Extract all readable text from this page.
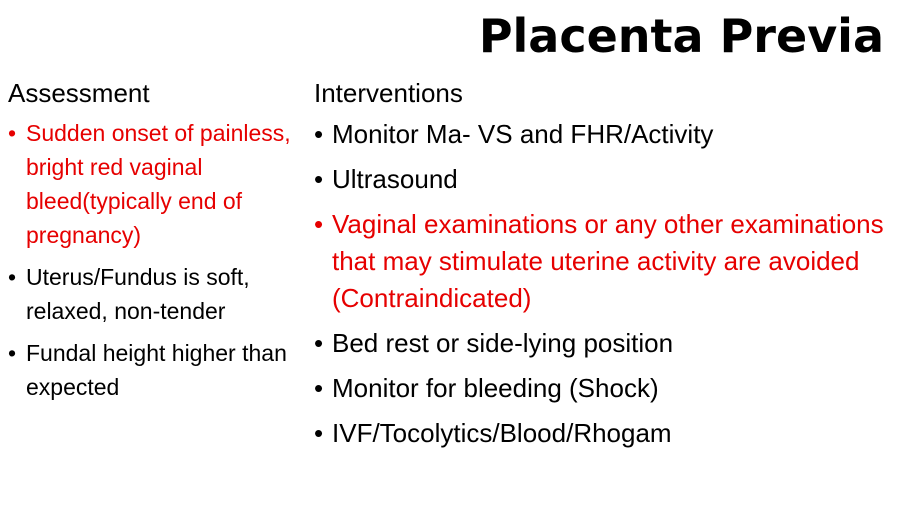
Placenta Previa
Assessment
• Sudden onset of painless, bright red vaginal bleed(typically end of pregnancy)
• Uterus/Fundus is soft, relaxed, non-tender
• Fundal height higher than expected
Interventions
• Monitor Ma- VS and FHR/Activity
• Ultrasound
• Vaginal examinations or any other examinations that may stimulate uterine activity are avoided (Contraindicated)
• Bed rest or side-lying position
• Monitor for bleeding (Shock)
• IVF/Tocolytics/Blood/Rhogam
